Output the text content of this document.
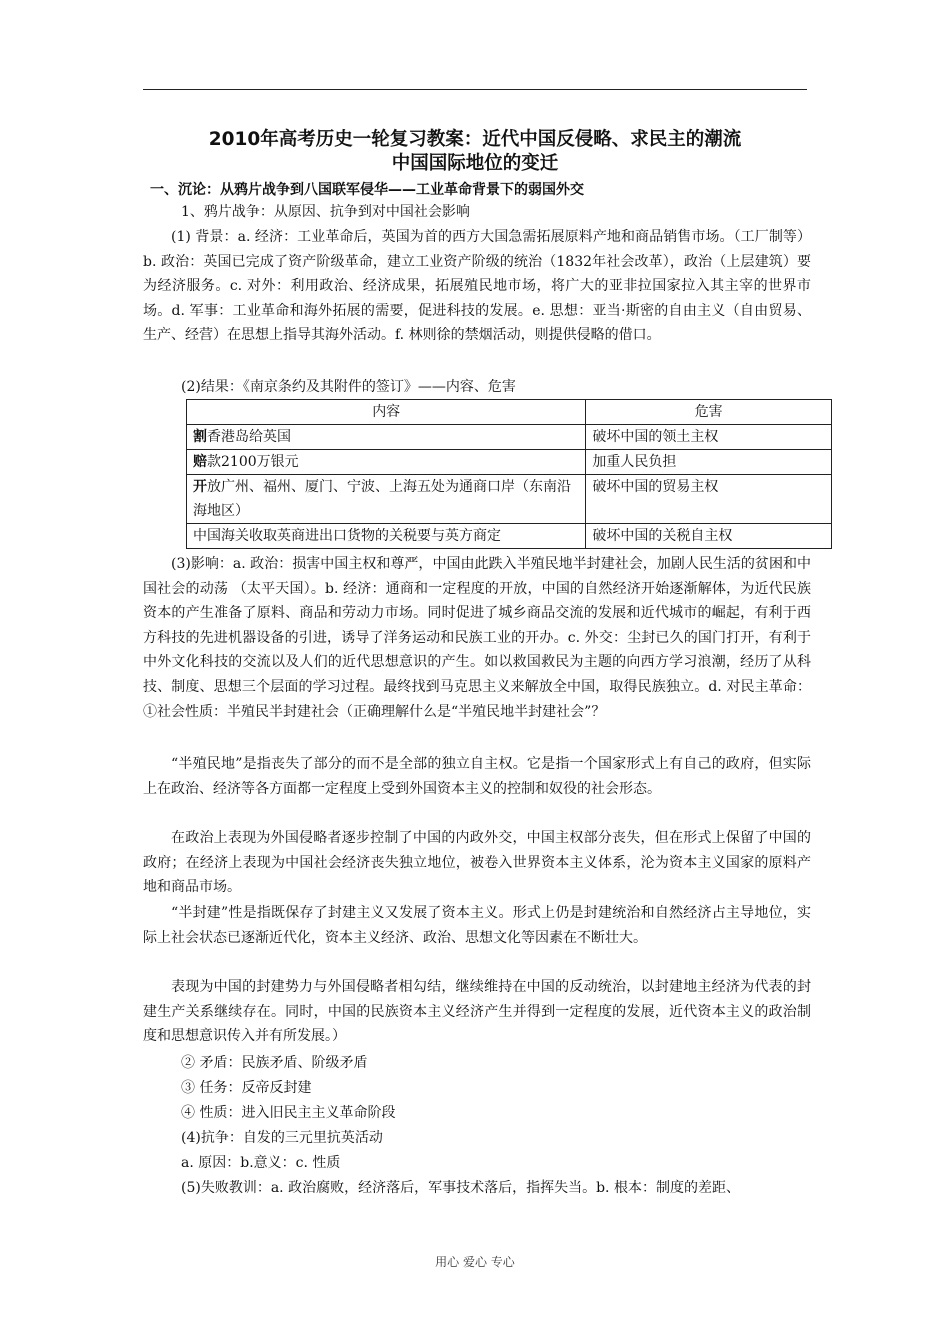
2010年高考历史一轮复习教案：近代中国反侵略、求民主的潮流
中国国际地位的变迁
一、沉论：从鸦片战争到八国联军侵华——工业革命背景下的弱国外交
1、鸦片战争：从原因、抗争到对中国社会影响

(1) 背景：a. 经济：工业革命后，英国为首的西方大国急需拓展原料产地和商品销售市场。（工厂制等）b. 政治：英国已完成了资产阶级革命，建立工业资产阶级的统治（1832年社会改革），政治（上层建筑）要为经济服务。c. 对外：利用政治、经济成果，拓展殖民地市场，将广大的亚非拉国家拉入其主宰的世界市场。d. 军事：工业革命和海外拓展的需要，促进科技的发展。e. 思想：亚当·斯密的自由主义（自由贸易、生产、经营）在思想上指导其海外活动。f. 林则徐的禁烟活动，则提供侵略的借口。

(2)结果：《南京条约及其附件的签订》——内容、危害
内容	危害
割香港岛给英国	破坏中国的领土主权
赔款2100万银元	加重人民负担
开放广州、福州、厦门、宁波、上海五处为通商口岸（东南沿海地区）	破坏中国的贸易主权
中国海关收取英商进出口货物的关税要与英方商定	破坏中国的关税自主权

(3)影响：a. 政治：损害中国主权和尊严，中国由此跌入半殖民地半封建社会，加剧人民生活的贫困和中国社会的动荡 （太平天国）。b. 经济：通商和一定程度的开放，中国的自然经济开始逐渐解体，为近代民族资本的产生准备了原料、商品和劳动力市场。同时促进了城乡商品交流的发展和近代城市的崛起，有利于西方科技的先进机器设备的引进，诱导了洋务运动和民族工业的开办。c. 外交：尘封已久的国门打开，有利于中外文化科技的交流以及人们的近代思想意识的产生。如以救国救民为主题的向西方学习浪潮，经历了从科技、制度、思想三个层面的学习过程。最终找到马克思主义来解放全中国，取得民族独立。d. 对民主革命：①社会性质：半殖民半封建社会（正确理解什么是“半殖民地半封建社会”？

“半殖民地”是指丧失了部分的而不是全部的独立自主权。它是指一个国家形式上有自己的政府，但实际上在政治、经济等各方面都一定程度上受到外国资本主义的控制和奴役的社会形态。

在政治上表现为外国侵略者逐步控制了中国的内政外交，中国主权部分丧失，但在形式上保留了中国的政府；在经济上表现为中国社会经济丧失独立地位，被卷入世界资本主义体系，沦为资本主义国家的原料产地和商品市场。

“半封建”性是指既保存了封建主义又发展了资本主义。形式上仍是封建统治和自然经济占主导地位，实际上社会状态已逐渐近代化，资本主义经济、政治、思想文化等因素在不断壮大。

表现为中国的封建势力与外国侵略者相勾结，继续维持在中国的反动统治，以封建地主经济为代表的封建生产关系继续存在。同时，中国的民族资本主义经济产生并得到一定程度的发展，近代资本主义的政治制度和思想意识传入并有所发展。）

② 矛盾：民族矛盾、阶级矛盾
③ 任务：反帝反封建
④ 性质：进入旧民主主义革命阶段
(4)抗争：自发的三元里抗英活动
a. 原因：b.意义：c. 性质
(5)失败教训：a. 政治腐败，经济落后，军事技术落后，指挥失当。b. 根本：制度的差距、
用心 爱心 专心
